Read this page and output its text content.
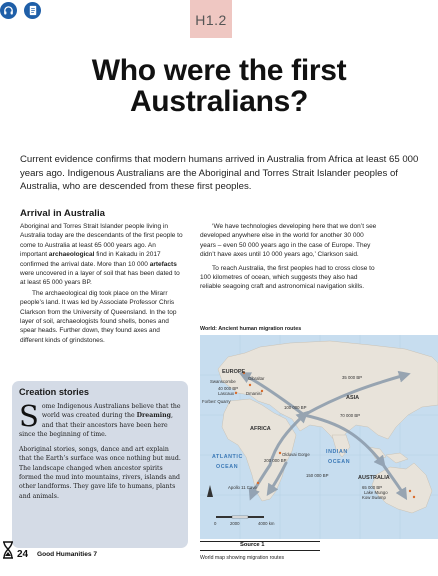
H1.2
Who were the first
Australians?
Current evidence confirms that modern humans arrived in Australia from Africa at least 65 000 years ago. Indigenous Australians are the Aboriginal and Torres Strait Islander peoples of Australia, who are descended from these first peoples.
Arrival in Australia

Aboriginal and Torres Strait Islander people living in Australia today are the descendants of the first people to come to Australia at least 65 000 years ago. An important archaeological find in Kakadu in 2017 confirmed the arrival date. More than 10 000 artefacts were uncovered in a layer of soil that has been dated to at least 65 000 years BP.

The archaeological dig took place on the Mirarr people’s land. It was led by Associate Professor Chris Clarkson from the University of Queensland. In the top layer of soil, archaeologists found shells, bones and spear heads. Further down, they found axes and different kinds of grindstones.

‘We have technologies developing here that we don’t see developed anywhere else in the world for another 30 000 years – even 50 000 years ago in the case of Europe. They didn’t have axes until 10 000 years ago,’ Clarkson said.

To reach Australia, the first peoples had to cross close to 100 kilometres of ocean, which suggests they also had reliable seagoing craft and astronomical navigation skills.

Creation stories

Some Indigenous Australians believe that the world was created during the Dreaming, and that their ancestors have been here since the beginning of time.

Aboriginal stories, songs, dance and art explain that the Earth’s surface was once nothing but mud. The landscape changed when ancestor spirits formed the mud into mountains, rivers, islands and other landforms. They gave life to humans, plants and animals.

World: Ancient human migration routes
EUROPE
ASIA
AFRICA
AUSTRALIA
ATLANTIC
OCEAN
INDIAN
OCEAN
Gibraltar
Swanscombe
40 000 BP
Lascaux	Dmanisi
Forbes’ Quarry
100 000 BP
35 000 BP
70 000 BP
Olduvai Gorge
200 000 BP
150 000 BP
Apollo 11 Cave	65 000 BP
Lake Mungo
Kow Swamp
0	2000	4000 km
Source 1
World map showing migration routes
24 Good Humanities 7
